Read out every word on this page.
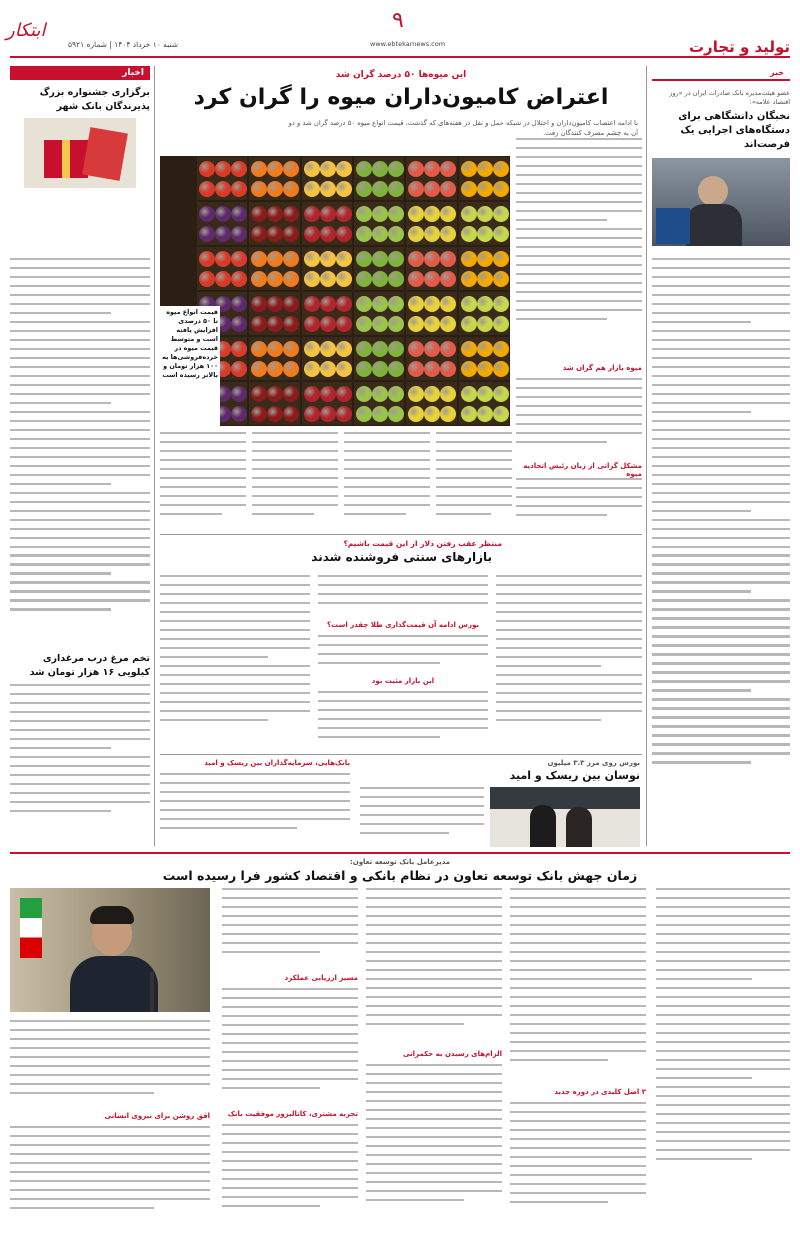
تولید و تجارت
۹
www.ebtekarnews.com
شنبه ۱۰ خرداد ۱۴۰۴ | شماره ۵۹۲۱
ابتکار
خبر
عضو هیئت‌مدیره بانک صادرات ایران در «روز اقتصاد علامه»:
نخبگان دانشگاهی برای دستگاه‌های اجرایی یک فرصت‌اند
اخبار
برگزاری جشنواره بزرگ پذیرندگان بانک شهر
تخم مرغ درب مرغداری کیلویی ۱۶ هزار تومان شد
این میوه‌ها ۵۰ درصد گران شد
اعتراض کامیون‌داران میوه را گران کرد
با ادامه اعتصاب کامیون‌داران و اختلال در شبکه حمل و نقل در هفته‌های که گذشت، قیمت انواع میوه ۵۰ درصد گران شد و دو آن به چشم مصرف کنندگان رفت.
میوه بازار هم گران شد
مشکل گرانی از زبان رئیس اتحادیه میوه
قیمت انواع میوه تا ۵۰ درصدی افزایش یافته است و متوسط قیمت میوه در خرده‌فروشی‌ها به ۱۰۰ هزار تومان و بالاتر رسیده است
منتظر عقب رفتن دلار از این قیمت باشیم؟
بازارهای سنتی فروشنده شدند
بورس ادامه آن قیمت‌گذاری طلا چقدر است؟
این بازار مثبت بود
بورس روی مرز ۳.۳ میلیون
نوسان بین ریسک و امید
بانک‌هایی، سرمایه‌گذاران بین ریسک و امید
مدیرعامل بانک توسعه تعاون:
زمان جهش بانک توسعه تعاون در نظام بانکی و اقتصاد کشور فرا رسیده است
۳ اصل کلیدی در دوره جدید
الزام‌های رسیدن به حکمرانی
مسیر ارزیابی عملکرد
تجربه مشتری، کاتالیزور موفقیت بانک
افق روشن برای نیروی انسانی
